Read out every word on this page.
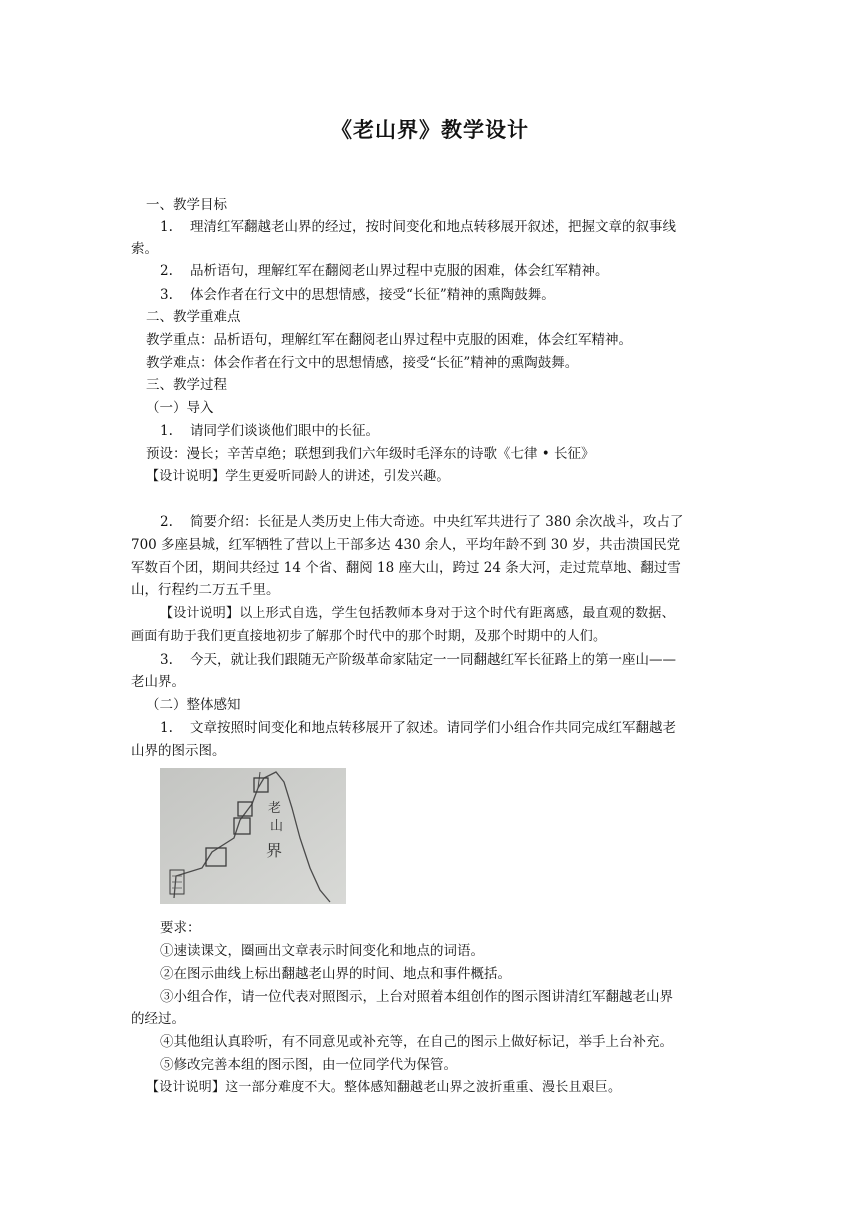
《老山界》教学设计
一、教学目标
1. 理清红军翻越老山界的经过，按时间变化和地点转移展开叙述，把握文章的叙事线
索。
2. 品析语句，理解红军在翻阅老山界过程中克服的困难，体会红军精神。
3. 体会作者在行文中的思想情感，接受“长征”精神的熏陶鼓舞。
二、教学重难点
教学重点：品析语句，理解红军在翻阅老山界过程中克服的困难，体会红军精神。
教学难点：体会作者在行文中的思想情感，接受“长征”精神的熏陶鼓舞。
三、教学过程
（一）导入
1. 请同学们谈谈他们眼中的长征。
预设：漫长；辛苦卓绝；联想到我们六年级时毛泽东的诗歌《七律 • 长征》
【设计说明】学生更爱听同龄人的讲述，引发兴趣。
2. 简要介绍：长征是人类历史上伟大奇迹。中央红军共进行了 380 余次战斗，攻占了
700 多座县城，红军牺牲了营以上干部多达 430 余人，平均年龄不到 30 岁，共击溃国民党
军数百个团，期间共经过 14 个省、翻阅 18 座大山，跨过 24 条大河，走过荒草地、翻过雪
山，行程约二万五千里。
【设计说明】以上形式自选，学生包括教师本身对于这个时代有距离感，最直观的数据、
画面有助于我们更直接地初步了解那个时代中的那个时期，及那个时期中的人们。
3. 今天，就让我们跟随无产阶级革命家陆定一一同翻越红军长征路上的第一座山——
老山界。
（二）整体感知
1. 文章按照时间变化和地点转移展开了叙述。请同学们小组合作共同完成红军翻越老
山界的图示图。
老
山
界
要求：
①速读课文，圈画出文章表示时间变化和地点的词语。
②在图示曲线上标出翻越老山界的时间、地点和事件概括。
③小组合作，请一位代表对照图示，上台对照着本组创作的图示图讲清红军翻越老山界
的经过。
④其他组认真聆听，有不同意见或补充等，在自己的图示上做好标记，举手上台补充。
⑤修改完善本组的图示图，由一位同学代为保管。
【设计说明】这一部分难度不大。整体感知翻越老山界之波折重重、漫长且艰巨。
